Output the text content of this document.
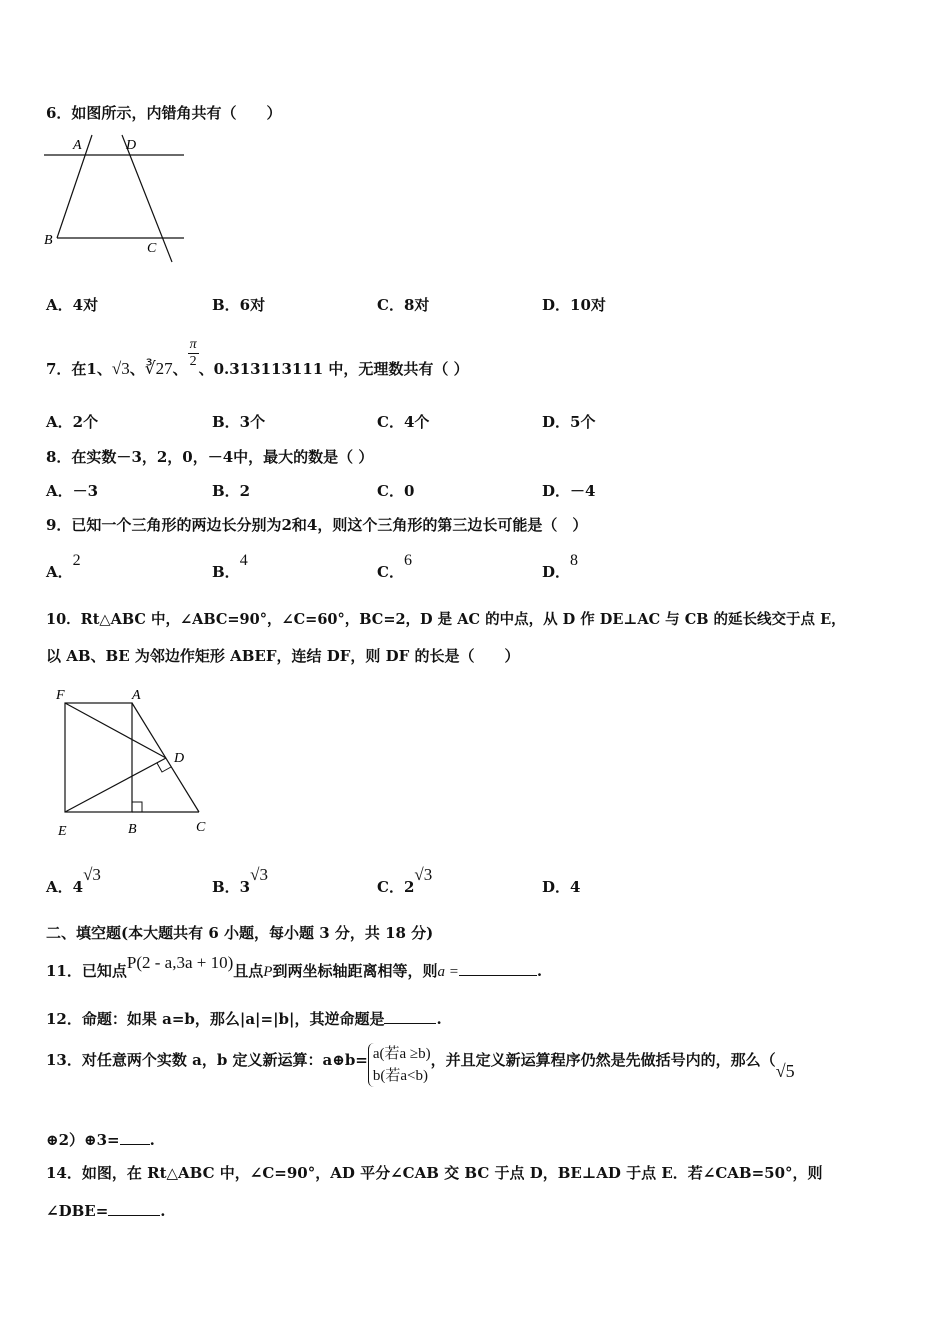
6．如图所示，内错角共有（　　）
A	D
B
C
A．4对	B．6对	C．8对	D．10对
7．在1、√3、∛27、 $\frac{\pi}{2}$ 、0.313113111 中，无理数共有（ ）
A．2个	B．3个	C．4个	D．5个
8．在实数－3，2，0，－4中，最大的数是（ ）
A．－3	B．2	C．0	D．－4
9．已知一个三角形的两边长分别为2和4，则这个三角形的第三边长可能是（　）
A．2
B．4
C．6
D．8
10．Rt△ABC 中，∠ABC=90°，∠C=60°，BC=2，D 是 AC 的中点，从 D 作 DE⊥AC 与 CB 的延长线交于点 E，
以 AB、BE 为邻边作矩形 ABEF，连结 DF，则 DF 的长是（　　）
F	A
D
E	B	C
A．4√3
B．3√3
C．2√3
D．4
二、填空题(本大题共有 6 小题，每小题 3 分，共 18 分)
11．已知点P(2 - a,3a + 10)且点P到两坐标轴距离相等，则a =	.
12．命题：如果 a=b，那么|a|=|b|，其逆命题是	.
13．对任意两个实数 a，b 定义新运算：a⊕b= a(若a ≥b)
b(若a<b)
，并且定义新运算程序仍然是先做括号内的，那么（√5
⊕2）⊕3= .
14．如图，在 Rt△ABC 中，∠C=90°，AD 平分∠CAB 交 BC 于点 D，BE⊥AD 于点 E．若∠CAB=50°，则
∠DBE=	.
